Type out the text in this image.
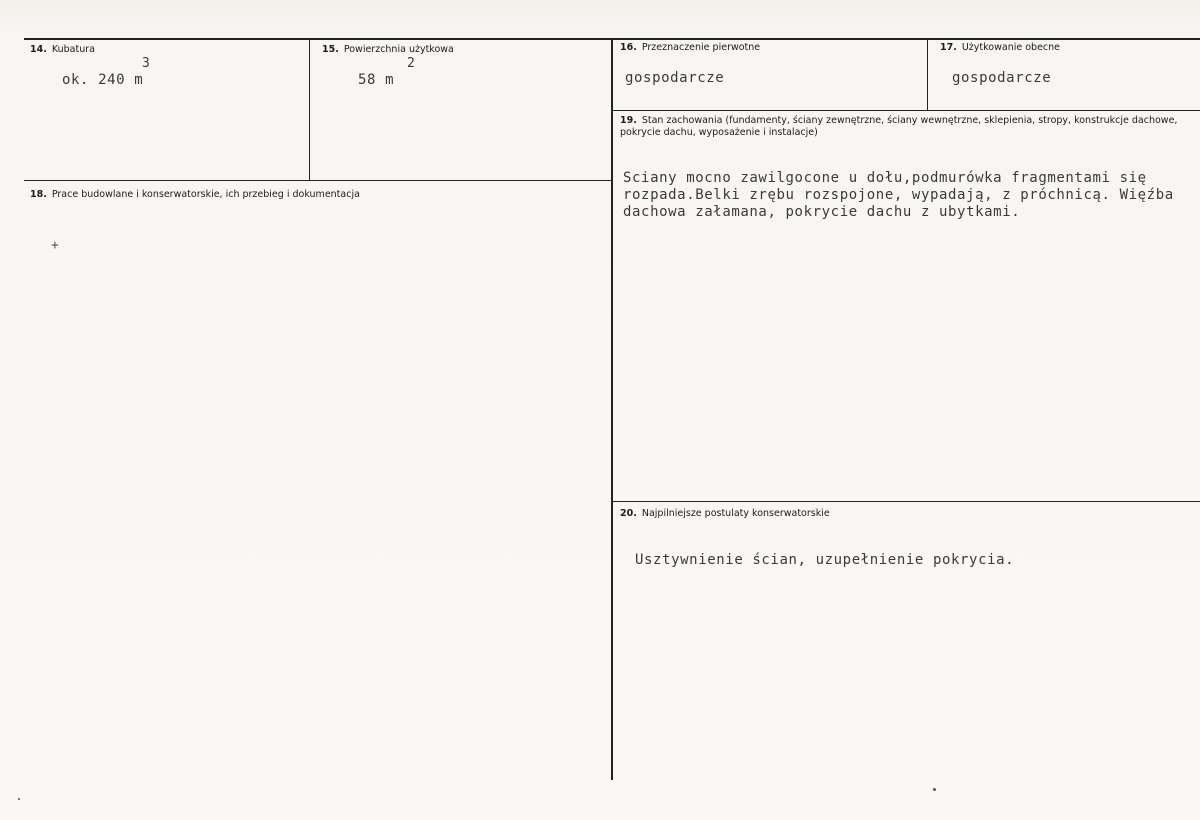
14. Kubatura
3
ok. 240 m
15. Powierzchnia użytkowa
2
58 m
16. Przeznaczenie pierwotne
gospodarcze
17. Użytkowanie obecne
gospodarcze
19. Stan zachowania (fundamenty, ściany zewnętrzne, ściany wewnętrzne, sklepienia, stropy, konstrukcje dachowe, pokrycie dachu, wyposażenie i instalacje)
Sciany mocno zawilgocone u dołu,podmurówka fragmentami się rozpada.Belki zrębu rozspojone, wypadają, z próchnicą. Więźba dachowa załamana, pokrycie dachu z ubytkami.
18. Prace budowlane i konserwatorskie, ich przebieg i dokumentacja
+
20. Najpilniejsze postulaty konserwatorskie
Usztywnienie ścian, uzupełnienie pokrycia.
